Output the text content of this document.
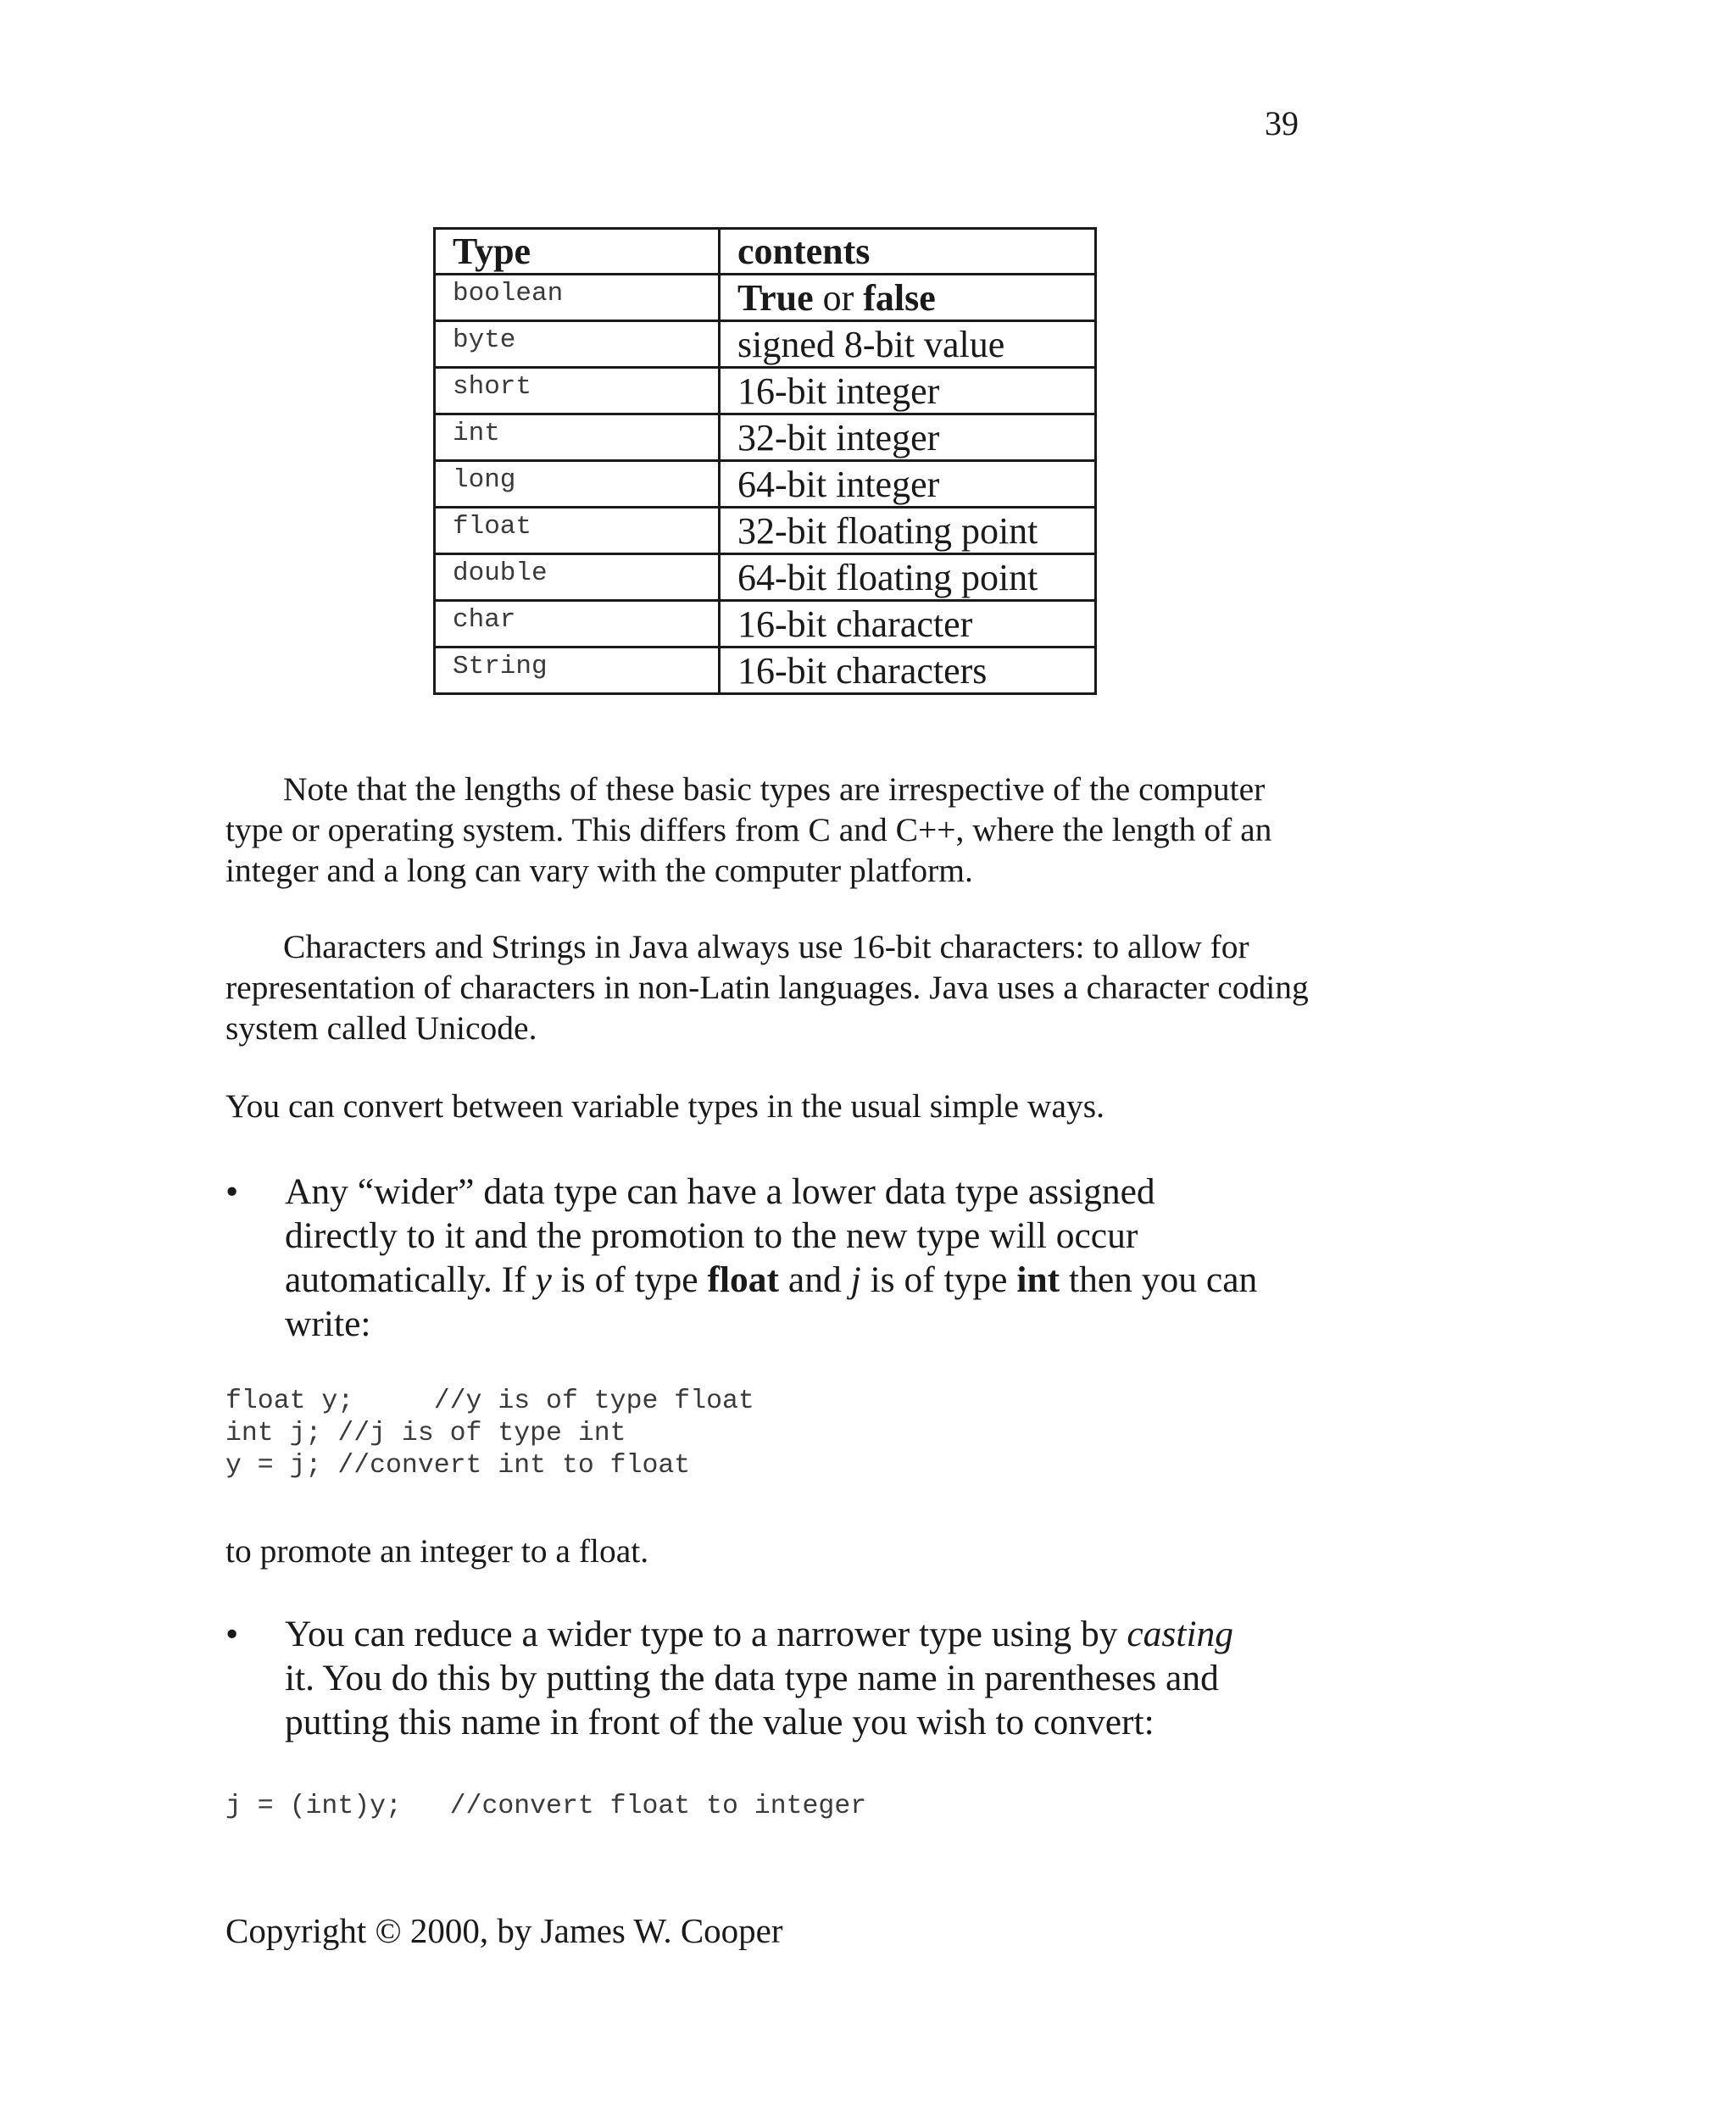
39
Type	contents
boolean	True or false
byte	signed 8-bit value
short	16-bit integer
int	32-bit integer
long	64-bit integer
float	32-bit floating point
double	64-bit floating point
char	16-bit character
String	16-bit characters

Note that the lengths of these basic types are irrespective of the computer type or operating system. This differs from C and C++, where the length of an integer and a long can vary with the computer platform.

Characters and Strings in Java always use 16-bit characters: to allow for representation of characters in non-Latin languages. Java uses a character coding system called Unicode.

You can convert between variable types in the usual simple ways.

•	Any “wider” data type can have a lower data type assigned
directly to it and the promotion to the new type will occur
automatically. If y is of type float and j is of type int then you can
write:
float y;     //y is of type float
int j; //j is of type int
y = j; //convert int to float

to promote an integer to a float.

•	You can reduce a wider type to a narrower type using by casting
it. You do this by putting the data type name in parentheses and
putting this name in front of the value you wish to convert:
j = (int)y;   //convert float to integer
Copyright © 2000, by James W. Cooper
